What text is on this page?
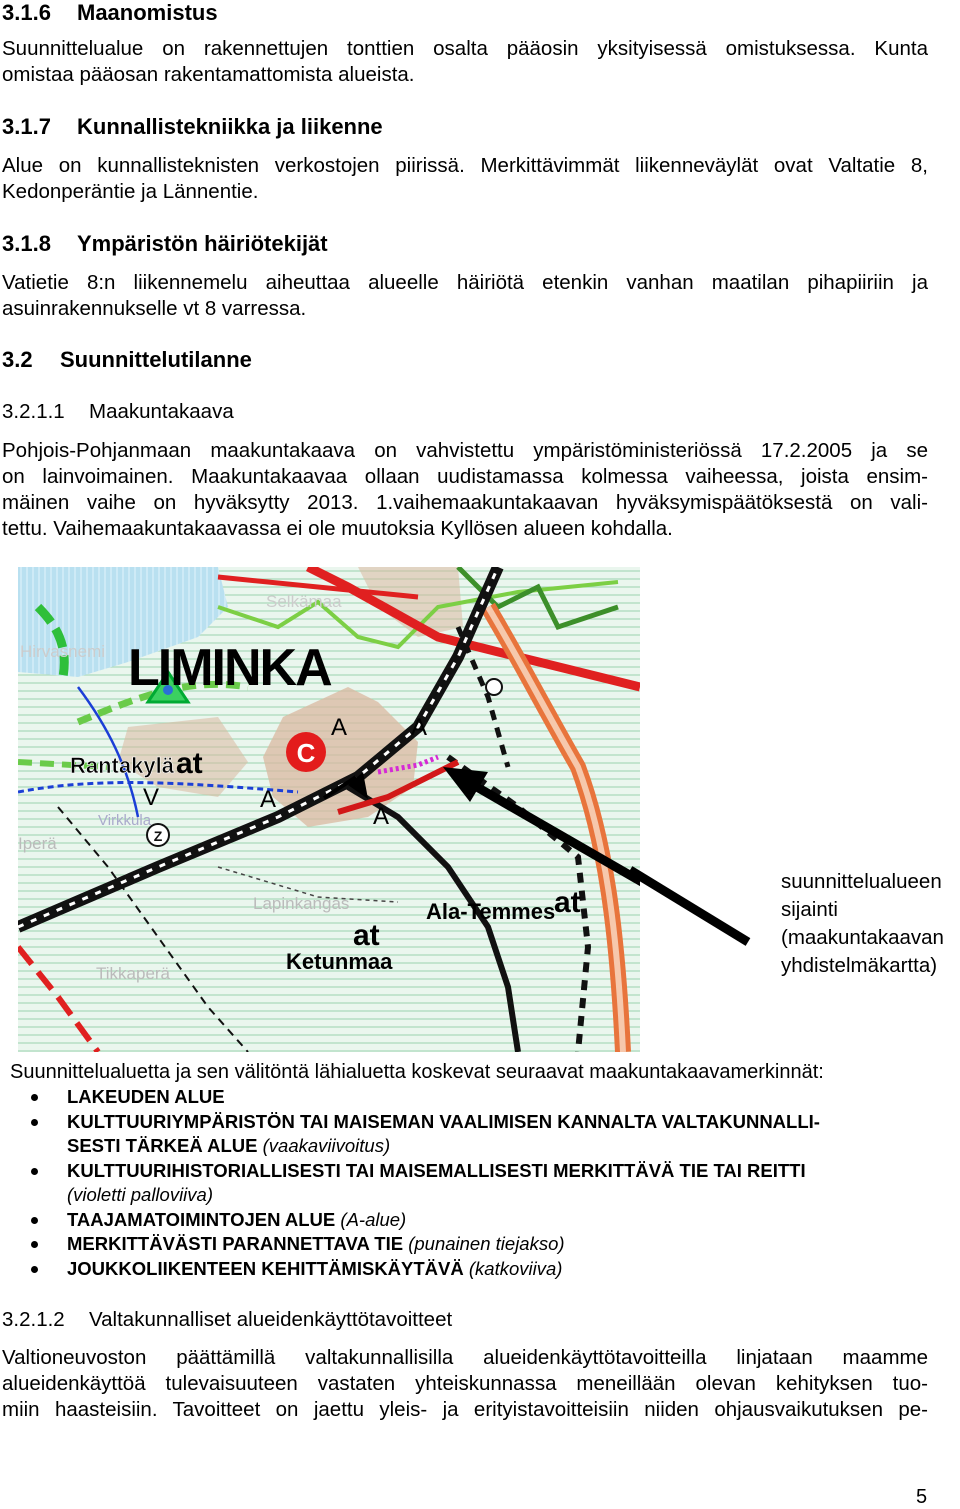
3.1.6 Maanomistus
Suunnittelualue on rakennettujen tonttien osalta pääosin yksityisessä omistuksessa. Kunta
omistaa pääosan rakentamattomista alueista.
3.1.7 Kunnallistekniikka ja liikenne
Alue on kunnallisteknisten verkostojen piirissä. Merkittävimmät liikenneväylät ovat Valtatie 8,
Kedonperäntie ja Lännentie.
3.1.8 Ympäristön häiriötekijät
Vatietie 8:n liikennemelu aiheuttaa alueelle häiriötä etenkin vanhan maatilan pihapiiriin ja
asuinrakennukselle vt 8 varressa.
3.2 Suunnittelutilanne
3.2.1.1 Maakuntakaava
Pohjois-Pohjanmaan maakuntakaava on vahvistettu ympäristöministeriössä 17.2.2005 ja se
on lainvoimainen. Maakuntakaavaa ollaan uudistamassa kolmessa vaiheessa, joista ensim-
mäinen vaihe on hyväksytty 2013. 1.vaihemaakuntakaavan hyväksymispäätöksestä on vali-
tettu. Vaihemaakuntakaavassa ei ole muutoksia Kyllösen alueen kohdalla.
C
Z
LIMINKA
Rantakylä at
Ala-Temmes
at
at
Ketunmaa
A	A
A
A
V
Selkämaa
Hirvasnemi
Tikkaperä
Lapinkangas
Virkkula
Iperä
suunnittelualueen
sijainti
(maakuntakaavan
yhdistelmäkartta)
Suunnittelualuetta ja sen välitöntä lähialuetta koskevat seuraavat maakuntakaavamerkinnät:
LAKEUDEN ALUE
KULTTUURIYMPÄRISTÖN TAI MAISEMAN VAALIMISEN KANNALTA VALTAKUNNALLI-
SESTI TÄRKEÄ ALUE (vaakaviivoitus)
KULTTUURIHISTORIALLISESTI TAI MAISEMALLISESTI MERKITTÄVÄ TIE TAI REITTI
(violetti palloviiva)
TAAJAMATOIMINTOJEN ALUE (A-alue)
MERKITTÄVÄSTI PARANNETTAVA TIE (punainen tiejakso)
JOUKKOLIIKENTEEN KEHITTÄMISKÄYTÄVÄ (katkoviiva)
3.2.1.2 Valtakunnalliset alueidenkäyttötavoitteet
Valtioneuvoston päättämillä valtakunnallisilla alueidenkäyttötavoitteilla linjataan maamme
alueidenkäyttöä tulevaisuuteen vastaten yhteiskunnassa meneillään olevan kehityksen tuo-
miin haasteisiin. Tavoitteet on jaettu yleis- ja erityistavoitteisiin niiden ohjausvaikutuksen pe-
5
